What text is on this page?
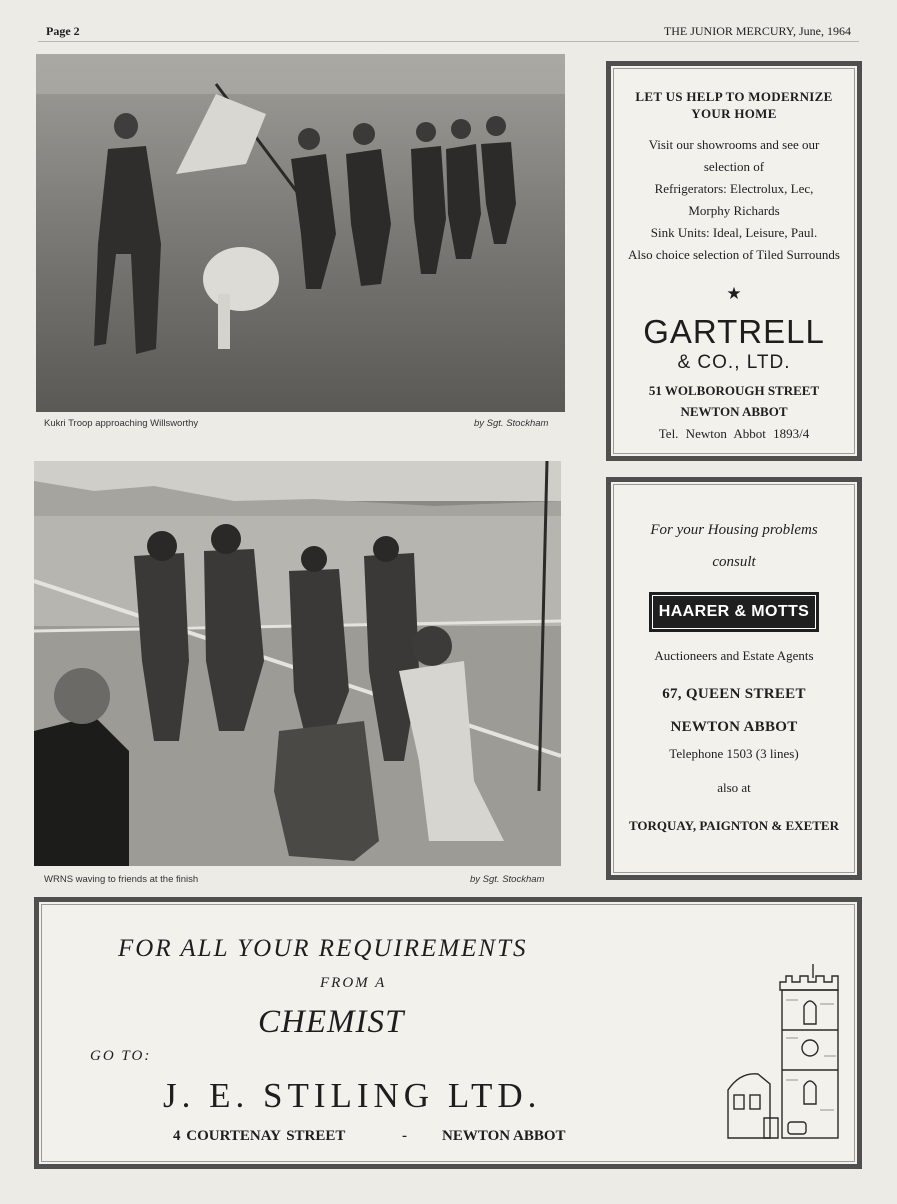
Page 2	THE JUNIOR MERCURY, June, 1964
Kukri Troop approaching Willsworthy	by Sgt. Stockham
WRNS waving to friends at the finish	by Sgt. Stockham
LET US HELP TO MODERNIZE
YOUR HOME
Visit our showrooms and see our
selection of
Refrigerators: Electrolux, Lec,
Morphy Richards
Sink Units: Ideal, Leisure, Paul.
Also choice selection of Tiled Surrounds
★
GARTRELL
& CO., LTD.
51 WOLBOROUGH STREET
NEWTON ABBOT
Tel. Newton Abbot 1893/4
For your Housing problems
consult
HAARER & MOTTS
Auctioneers and Estate Agents
67, QUEEN STREET
NEWTON ABBOT
Telephone 1503 (3 lines)
also at
TORQUAY, PAIGNTON & EXETER
FOR ALL YOUR REQUIREMENTS
FROM A
CHEMIST
GO TO:
J. E. STILING LTD.
4 COURTENAY STREET	- NEWTON ABBOT
